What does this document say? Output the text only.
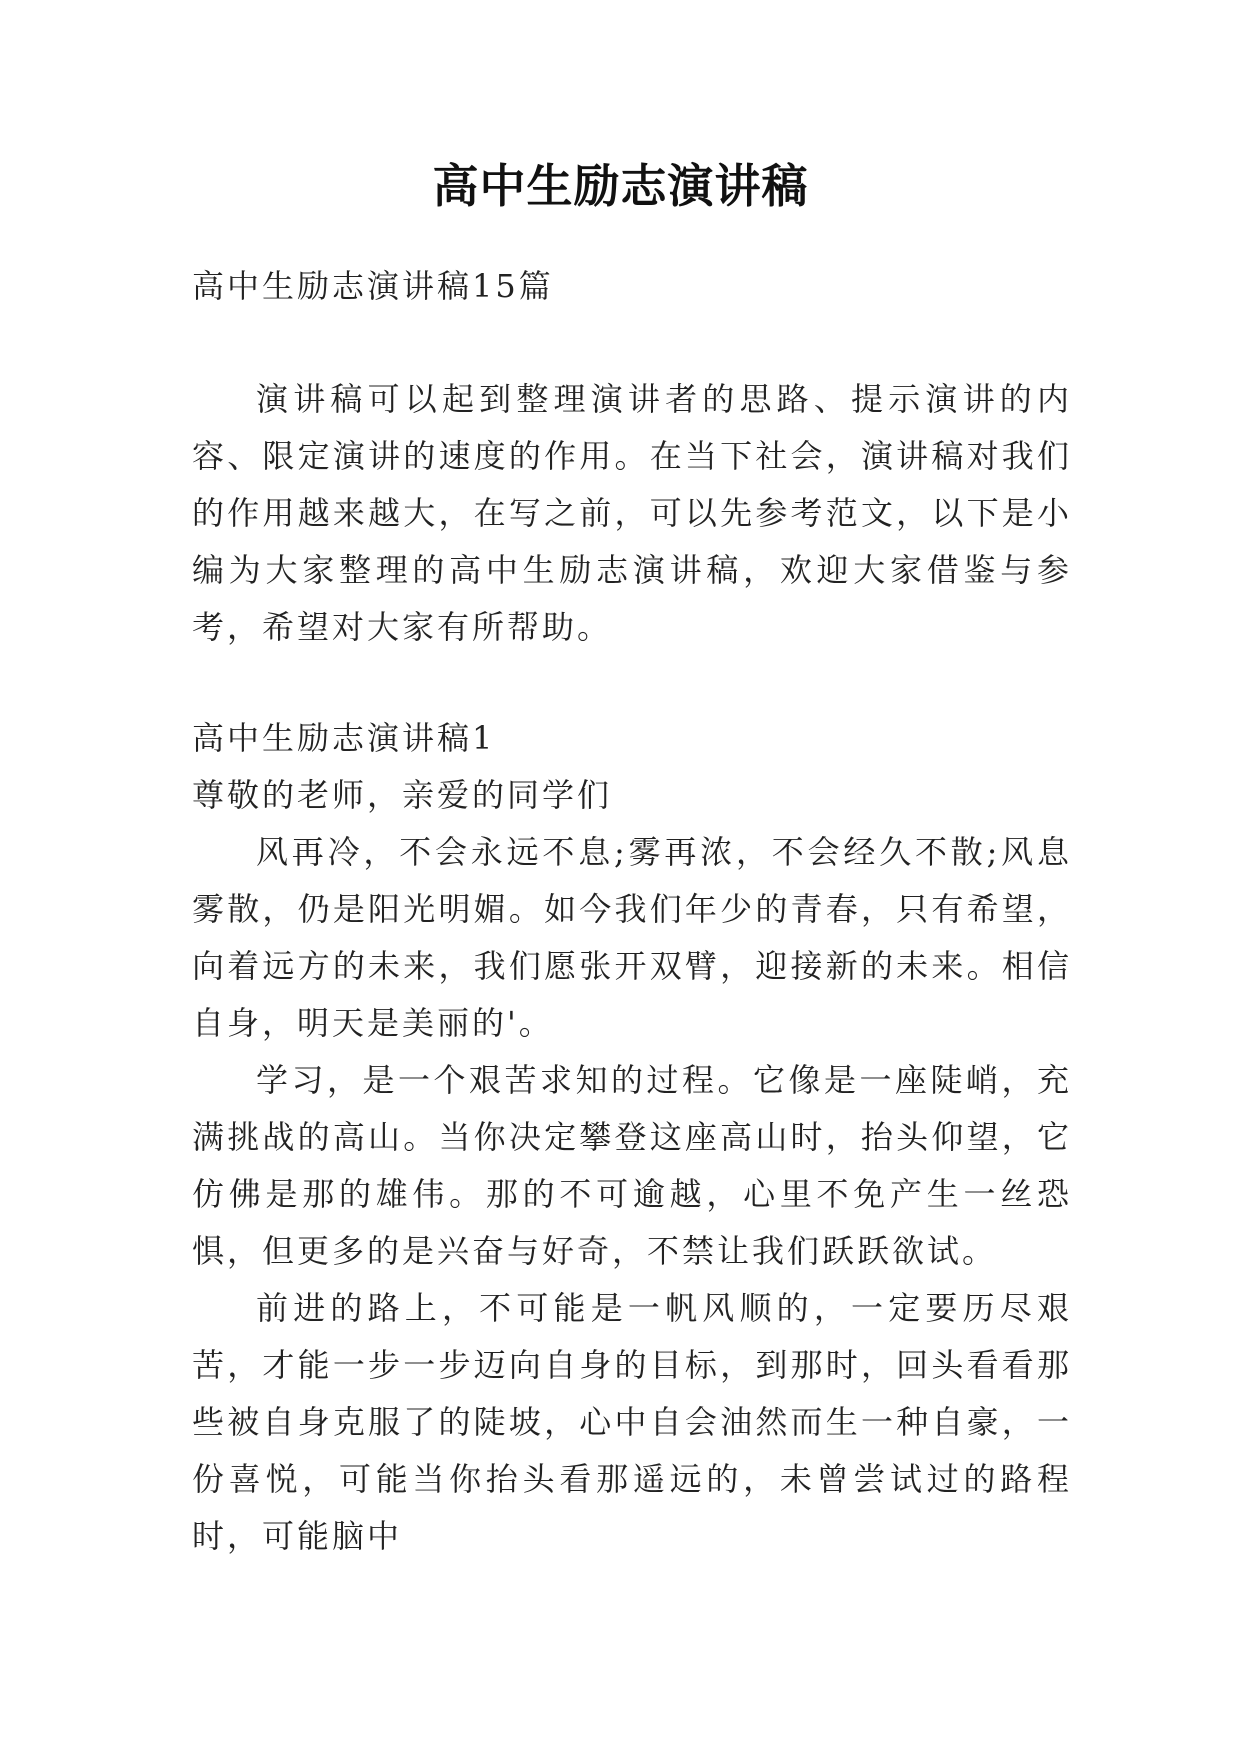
高中生励志演讲稿

高中生励志演讲稿15篇

演讲稿可以起到整理演讲者的思路、提示演讲的内容、限定演讲的速度的作用。在当下社会，演讲稿对我们的作用越来越大，在写之前，可以先参考范文，以下是小编为大家整理的高中生励志演讲稿，欢迎大家借鉴与参考，希望对大家有所帮助。

高中生励志演讲稿1

尊敬的老师，亲爱的同学们

风再冷，不会永远不息;雾再浓，不会经久不散;风息雾散，仍是阳光明媚。如今我们年少的青春，只有希望，向着远方的未来，我们愿张开双臂，迎接新的未来。相信自身，明天是美丽的'。

学习，是一个艰苦求知的过程。它像是一座陡峭，充满挑战的高山。当你决定攀登这座高山时，抬头仰望，它仿佛是那的雄伟。那的不可逾越，心里不免产生一丝恐惧，但更多的是兴奋与好奇，不禁让我们跃跃欲试。

前进的路上，不可能是一帆风顺的，一定要历尽艰苦，才能一步一步迈向自身的目标，到那时，回头看看那些被自身克服了的陡坡，心中自会油然而生一种自豪，一份喜悦，可能当你抬头看那遥远的，未曾尝试过的路程时，可能脑中
